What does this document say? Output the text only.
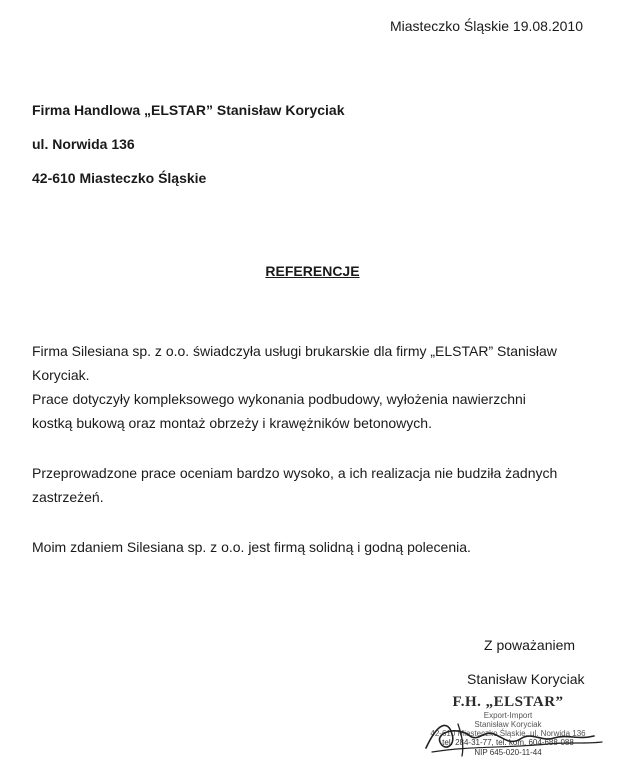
Miasteczko Śląskie 19.08.2010
Firma Handlowa „ELSTAR” Stanisław Koryciak
ul. Norwida 136
42-610 Miasteczko Śląskie
REFERENCJE

Firma Silesiana sp. z o.o. świadczyła usługi brukarskie dla firmy „ELSTAR” Stanisław

Koryciak.

Prace dotyczyły kompleksowego wykonania podbudowy, wyłożenia nawierzchni

kostką bukową oraz montaż obrzeży i krawężników betonowych.

Przeprowadzone prace oceniam bardzo wysoko, a ich realizacja nie budziła żadnych

zastrzeżeń.

Moim zdaniem Silesiana sp. z o.o. jest firmą solidną i godną polecenia.

Z poważaniem
Stanisław Koryciak
F.H. „ELSTAR”
Export-Import
Stanisław Koryciak
42-610 Miasteczko Śląskie, ul. Norwida 136
tel. 284-31-77, tel. kom. 604-688-088
NIP 645-020-11-44
